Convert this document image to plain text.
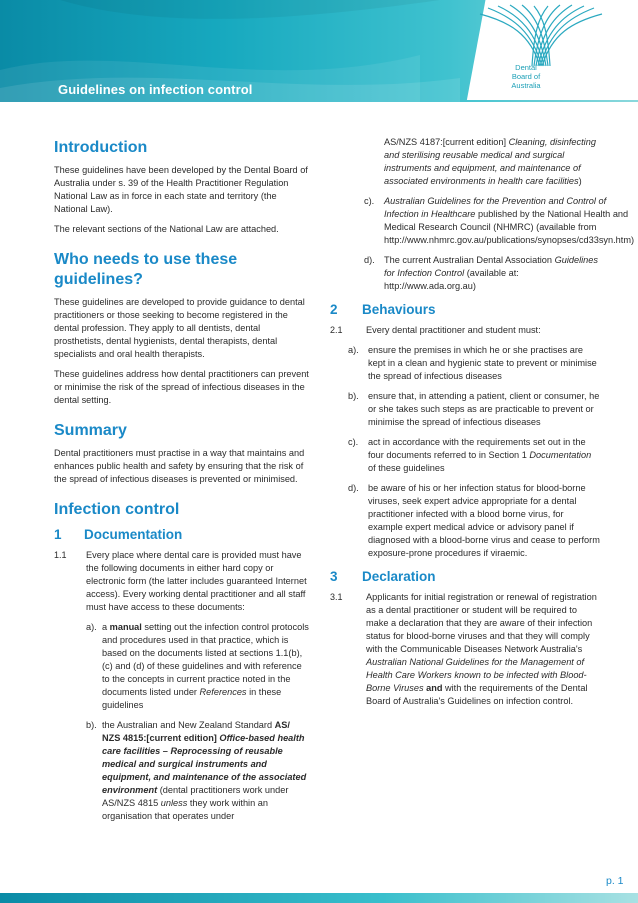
Guidelines on infection control
Dental
Board of
Australia
Introduction

These guidelines have been developed by the Dental Board of Australia under s. 39 of the Health Practitioner Regulation National Law as in force in each state and territory (the National Law).

The relevant sections of the National Law are attached.

Who needs to use these guidelines?

These guidelines are developed to provide guidance to dental practitioners or those seeking to become registered in the dental profession. They apply to all dentists, dental prosthetists, dental hygienists, dental therapists, dental specialists and oral health therapists.

These guidelines address how dental practitioners can prevent or minimise the risk of the spread of infectious diseases in the dental setting.

Summary

Dental practitioners must practise in a way that maintains and enhances public health and safety by ensuring that the risk of the spread of infectious diseases is prevented or minimised.

Infection control
1	Documentation
1.1	Every place where dental care is provided must have the following documents in either hard copy or electronic form (the latter includes guaranteed Internet access). Every working dental practitioner and all staff must have access to these documents:
a). a manual setting out the infection control protocols and procedures used in that practice, which is based on the documents listed at sections 1.1(b), (c) and (d) of these guidelines and with reference to the concepts in current practice noted in the documents listed under References in these guidelines
b). the Australian and New Zealand Standard AS/ NZS 4815:[current edition] Office-based health care facilities – Reprocessing of reusable medical and surgical instruments and equipment, and maintenance of the associated environment (dental practitioners work under AS/NZS 4815 unless they work within an organisation that operates under
AS/NZS 4187:[current edition] Cleaning, disinfecting and sterilising reusable medical and surgical instruments and equipment, and maintenance of associated environments in health care facilities)
c).	Australian Guidelines for the Prevention and Control of Infection in Healthcare published by the National Health and Medical Research Council (NHMRC) (available from http://www.nhmrc.gov.au/publications/synopses/cd33syn.htm)
d).	The current Australian Dental Association Guidelines for Infection Control (available at: http://www.ada.org.au)
2	Behaviours
2.1	Every dental practitioner and student must:
a).	ensure the premises in which he or she practises are kept in a clean and hygienic state to prevent or minimise the spread of infectious diseases
b).	ensure that, in attending a patient, client or consumer, he or she takes such steps as are practicable to prevent or minimise the spread of infectious diseases
c).	act in accordance with the requirements set out in the four documents referred to in Section 1 Documentation of these guidelines
d).	be aware of his or her infection status for blood-borne viruses, seek expert advice appropriate for a dental practitioner infected with a blood borne virus, for example expert medical advice or advisory panel if diagnosed with a blood-borne virus and cease to perform exposure-prone procedures if viraemic.
3	Declaration
3.1	Applicants for initial registration or renewal of registration as a dental practitioner or student will be required to make a declaration that they are aware of their infection status for blood-borne viruses and that they will comply with the Communicable Diseases Network Australia's Australian National Guidelines for the Management of Health Care Workers known to be infected with Blood-Borne Viruses and with the requirements of the Dental Board of Australia's Guidelines on infection control.
p. 1
